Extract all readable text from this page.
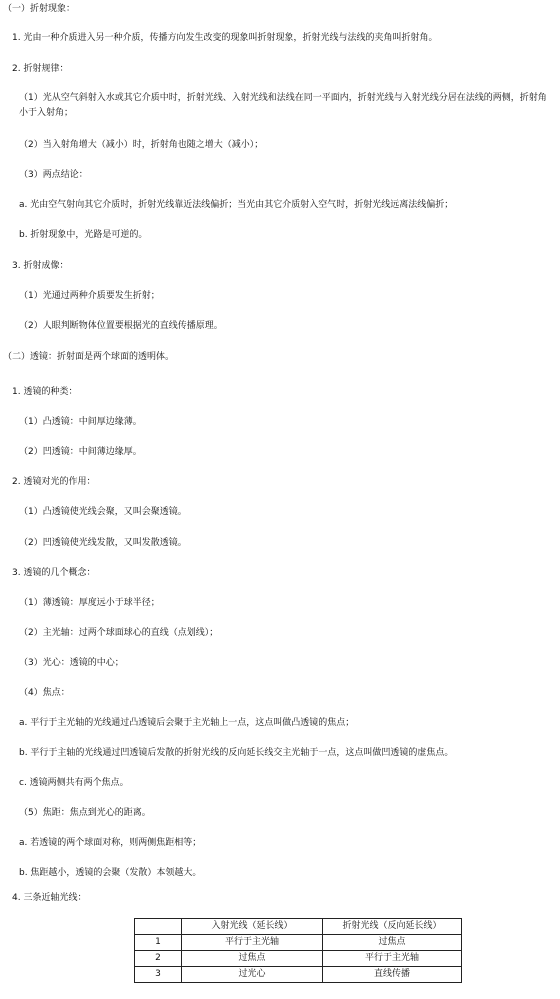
（一）折射现象：
1. 光由一种介质进入另一种介质，传播方向发生改变的现象叫折射现象，折射光线与法线的夹角叫折射角。
2. 折射规律：
（1）光从空气斜射入水或其它介质中时，折射光线、入射光线和法线在同一平面内，折射光线与入射光线分居在法线的两侧，折射角小于入射角；
（2）当入射角增大（减小）时，折射角也随之增大（减小）；
（3）两点结论：
a. 光由空气射向其它介质时，折射光线靠近法线偏折；当光由其它介质射入空气时，折射光线远离法线偏折；
b. 折射现象中，光路是可逆的。
3. 折射成像：
（1）光通过两种介质要发生折射；
（2）人眼判断物体位置要根据光的直线传播原理。
（二）透镜：折射面是两个球面的透明体。
1. 透镜的种类：
（1）凸透镜：中间厚边缘薄。
（2）凹透镜：中间薄边缘厚。
2. 透镜对光的作用：
（1）凸透镜使光线会聚，又叫会聚透镜。
（2）凹透镜使光线发散，又叫发散透镜。
3. 透镜的几个概念：
（1）薄透镜：厚度远小于球半径；
（2）主光轴：过两个球面球心的直线（点划线）；
（3）光心：透镜的中心；
（4）焦点：
a. 平行于主光轴的光线通过凸透镜后会聚于主光轴上一点，这点叫做凸透镜的焦点；
b. 平行于主轴的光线通过凹透镜后发散的折射光线的反向延长线交主光轴于一点，这点叫做凹透镜的虚焦点。
c. 透镜两侧共有两个焦点。
（5）焦距：焦点到光心的距离。
a. 若透镜的两个球面对称，则两侧焦距相等；
b. 焦距越小，透镜的会聚（发散）本领越大。
4. 三条近轴光线：
	入射光线（延长线）	折射光线（反向延长线）
1	平行于主光轴	过焦点
2	过焦点	平行于主光轴
3	过光心	直线传播
